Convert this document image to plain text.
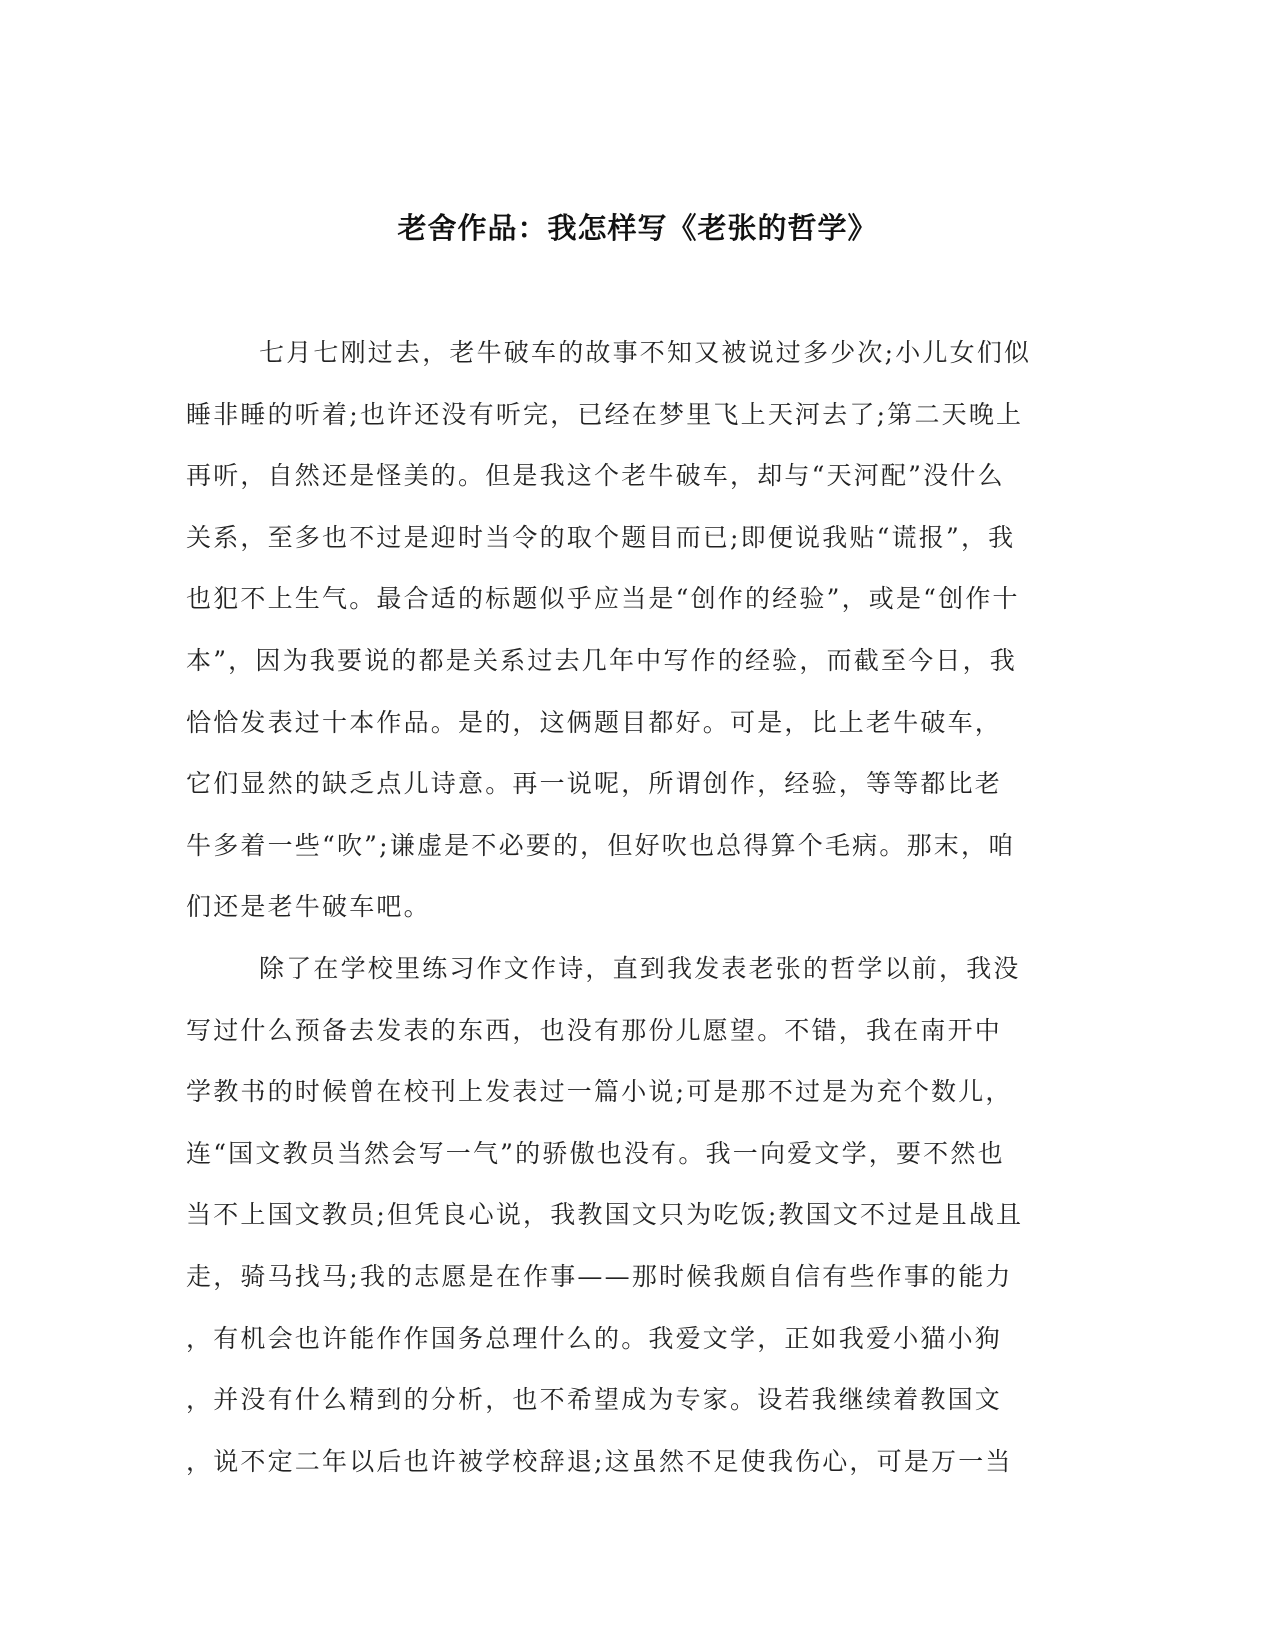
老舍作品：我怎样写《老张的哲学》
七月七刚过去，老牛破车的故事不知又被说过多少次;小儿女们似
睡非睡的听着;也许还没有听完，已经在梦里飞上天河去了;第二天晚上
再听，自然还是怪美的。但是我这个老牛破车，却与“天河配”没什么
关系，至多也不过是迎时当令的取个题目而已;即便说我贴“谎报”，我
也犯不上生气。最合适的标题似乎应当是“创作的经验”，或是“创作十
本”，因为我要说的都是关系过去几年中写作的经验，而截至今日，我
恰恰发表过十本作品。是的，这俩题目都好。可是，比上老牛破车，
它们显然的缺乏点儿诗意。再一说呢，所谓创作，经验，等等都比老
牛多着一些“吹”;谦虚是不必要的，但好吹也总得算个毛病。那末，咱
们还是老牛破车吧。
除了在学校里练习作文作诗，直到我发表老张的哲学以前，我没
写过什么预备去发表的东西，也没有那份儿愿望。不错，我在南开中
学教书的时候曾在校刊上发表过一篇小说;可是那不过是为充个数儿，
连“国文教员当然会写一气”的骄傲也没有。我一向爱文学，要不然也
当不上国文教员;但凭良心说，我教国文只为吃饭;教国文不过是且战且
走，骑马找马;我的志愿是在作事——那时候我颇自信有些作事的能力
，有机会也许能作作国务总理什么的。我爱文学，正如我爱小猫小狗
，并没有什么精到的分析，也不希望成为专家。设若我继续着教国文
，说不定二年以后也许被学校辞退;这虽然不足使我伤心，可是万一当
